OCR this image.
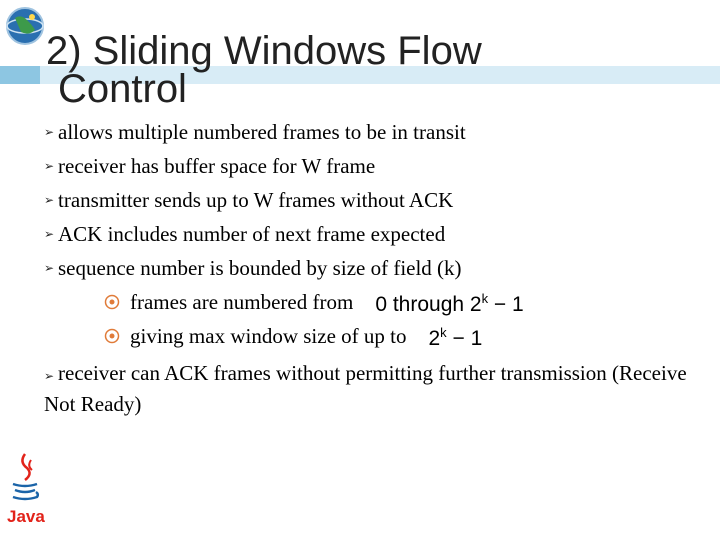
2) Sliding Windows Flow
Control
➢ allows multiple numbered frames to be in transit
➢ receiver has buffer space for W frame
➢ transmitter sends up to W frames without ACK
➢ ACK includes number of next frame expected
➢ sequence number is bounded by size of field (k)
frames are numbered from 0 through $2^k - 1$
giving max window size of up to $2^k - 1$
➢ receiver can ACK frames without permitting further transmission (Receive Not Ready)
Java
